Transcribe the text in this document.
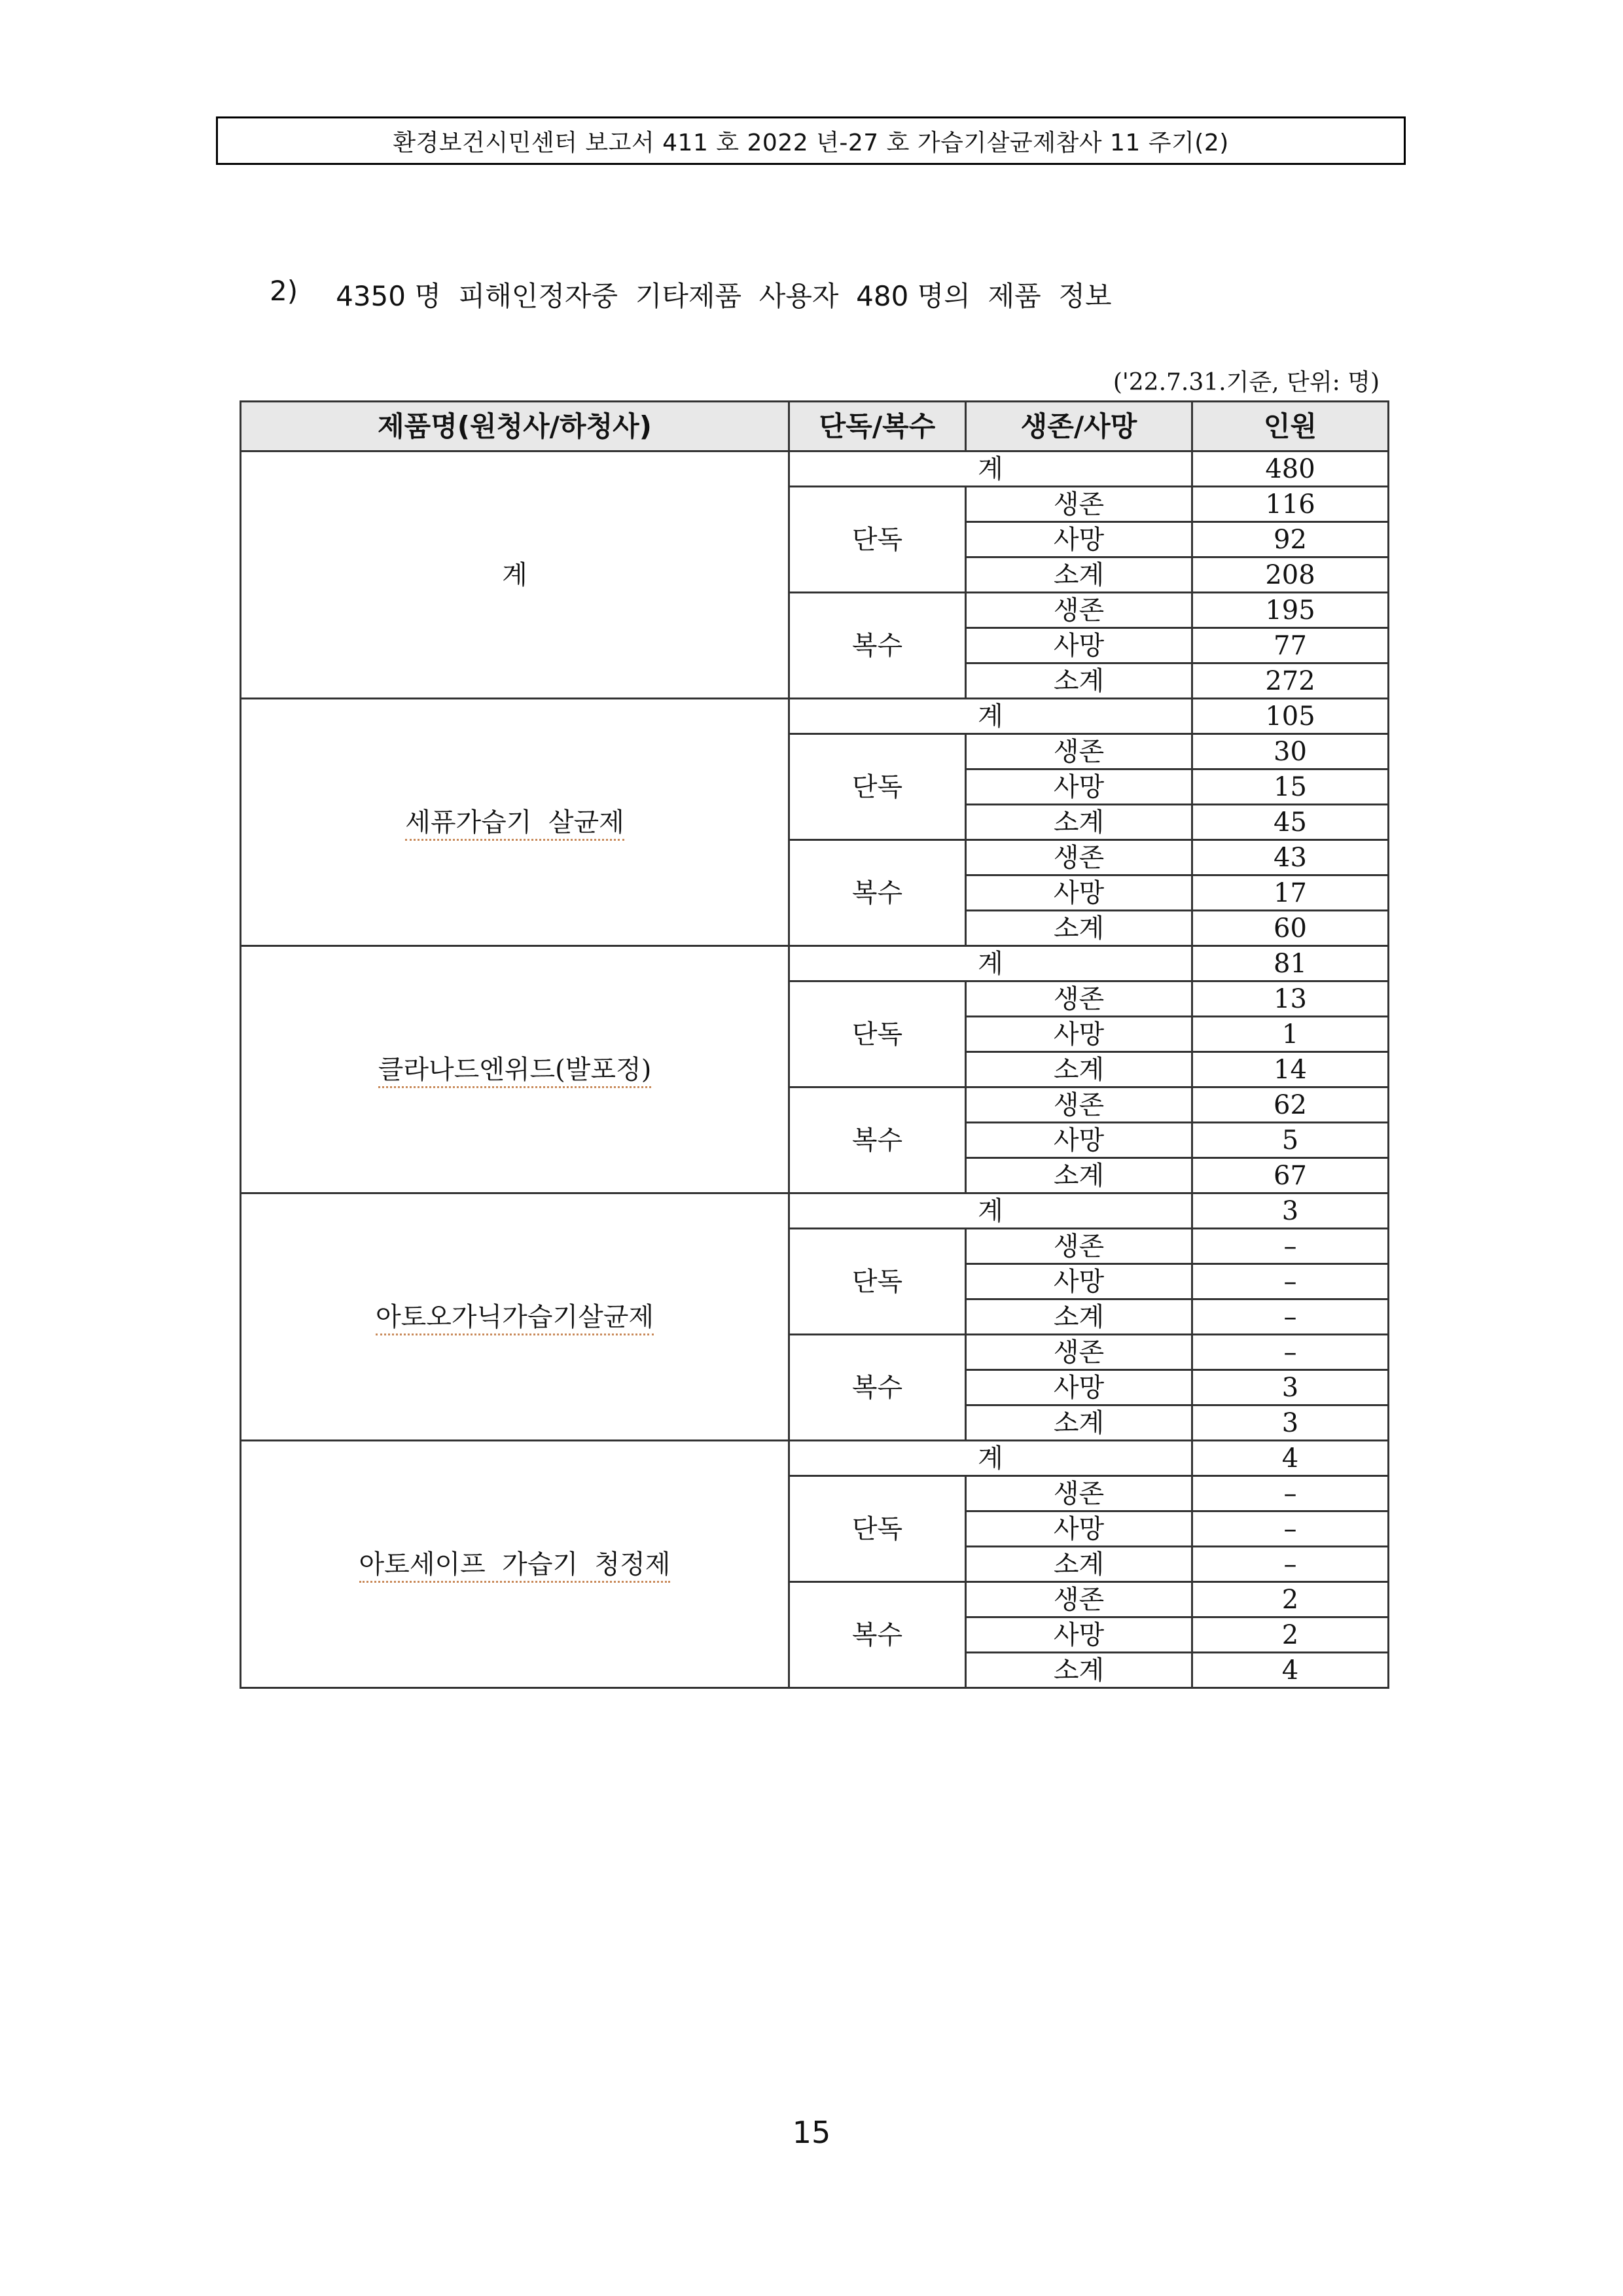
환경보건시민센터 보고서 411 호 2022 년-27 호 가습기살균제참사 11 주기(2)
2) 4350 명  피해인정자중  기타제품  사용자  480 명의  제품  정보
('22.7.31.기준, 단위: 명)
제품명(원청사/하청사)	단독/복수	생존/사망	인원
계	계		480
	단독	생존	116
		사망	92
		소계	208
	복수	생존	195
		사망	77
		소계	272
세퓨가습기  살균제	계		105
	단독	생존	30
		사망	15
		소계	45
	복수	생존	43
		사망	17
		소계	60
클라나드엔위드(발포정)	계		81
	단독	생존	13
		사망	1
		소계	14
	복수	생존	62
		사망	5
		소계	67
아토오가닉가습기살균제	계		3
	단독	생존	–
		사망	–
		소계	–
	복수	생존	–
		사망	3
		소계	3
아토세이프  가습기  청정제	계		4
	단독	생존	–
		사망	–
		소계	–
	복수	생존	2
		사망	2
		소계	4
15
